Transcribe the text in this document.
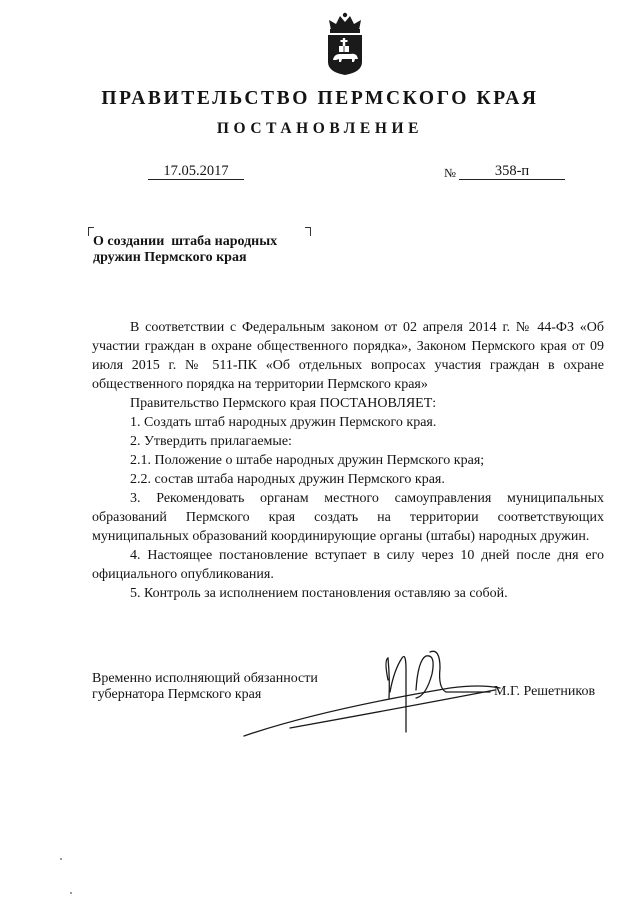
ПРАВИТЕЛЬСТВО ПЕРМСКОГО КРАЯ
ПОСТАНОВЛЕНИЕ
17.05.2017	№	358-п
О создании  штаба народных
дружин Пермского края

В соответствии с Федеральным законом от 02 апреля 2014 г. № 44-ФЗ «Об участии граждан в охране общественного порядка», Законом Пермского края от 09 июля 2015 г. № 511-ПК «Об отдельных вопросах участия граждан в охране общественного порядка на территории Пермского края»

Правительство Пермского края ПОСТАНОВЛЯЕТ:

1. Создать штаб народных дружин Пермского края.

2. Утвердить прилагаемые:

2.1. Положение о штабе народных дружин Пермского края;

2.2. состав штаба народных дружин Пермского края.

3. Рекомендовать органам местного самоуправления муниципальных образований Пермского края создать на территории соответствующих муниципальных образований координирующие органы (штабы) народных дружин.

4. Настоящее постановление вступает в силу через 10 дней после дня его официального опубликования.

5. Контроль за исполнением постановления оставляю за собой.

Временно исполняющий обязанности
губернатора Пермского края	М.Г. Решетников
